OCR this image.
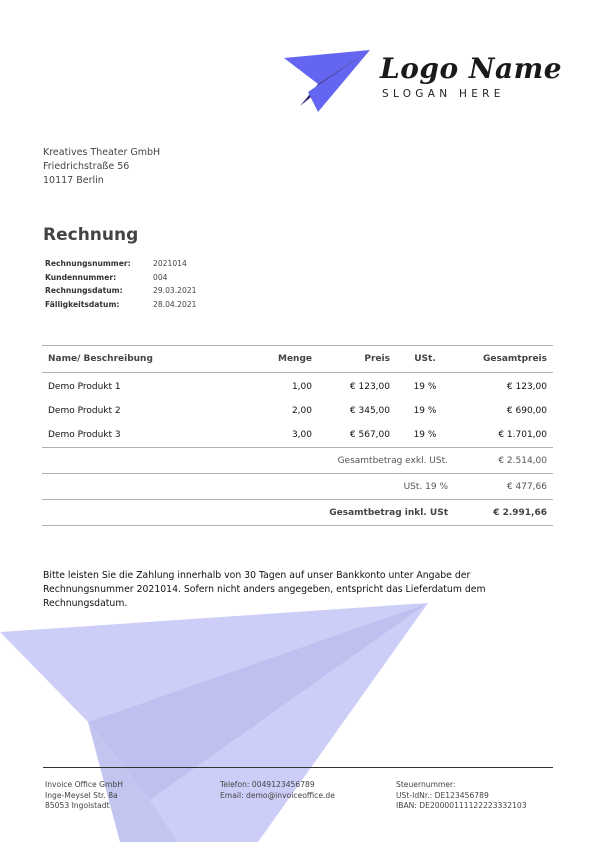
Logo Name
SLOGAN HERE
Kreatives Theater GmbH
Friedrichstraße 56
10117 Berlin
Rechnung
Rechnungsnummer:	2021014
Kundennummer:	004
Rechnungsdatum:	29.03.2021
Fälligkeitsdatum:	28.04.2021
Name/ Beschreibung	Menge	Preis	USt.	Gesamtpreis
Demo Produkt 1	1,00	€ 123,00	19 %	€ 123,00
Demo Produkt 2	2,00	€ 345,00	19 %	€ 690,00
Demo Produkt 3	3,00	€ 567,00	19 %	€ 1.701,00
Gesamtbetrag exkl. USt.				€ 2.514,00
USt. 19 %				€ 477,66
Gesamtbetrag inkl. USt				€ 2.991,66

Bitte leisten Sie die Zahlung innerhalb von 30 Tagen auf unser Bankkonto unter Angabe der Rechnungsnummer 2021014. Sofern nicht anders angegeben, entspricht das Lieferdatum dem Rechnungsdatum.

Invoice Office GmbH
Inge-Meysel Str. 8a
85053 Ingolstadt
Telefon: 0049123456789
Email: demo@invoiceoffice.de
Steuernummer:
USt-IdNr.: DE123456789
IBAN: DE20000111122223332103
